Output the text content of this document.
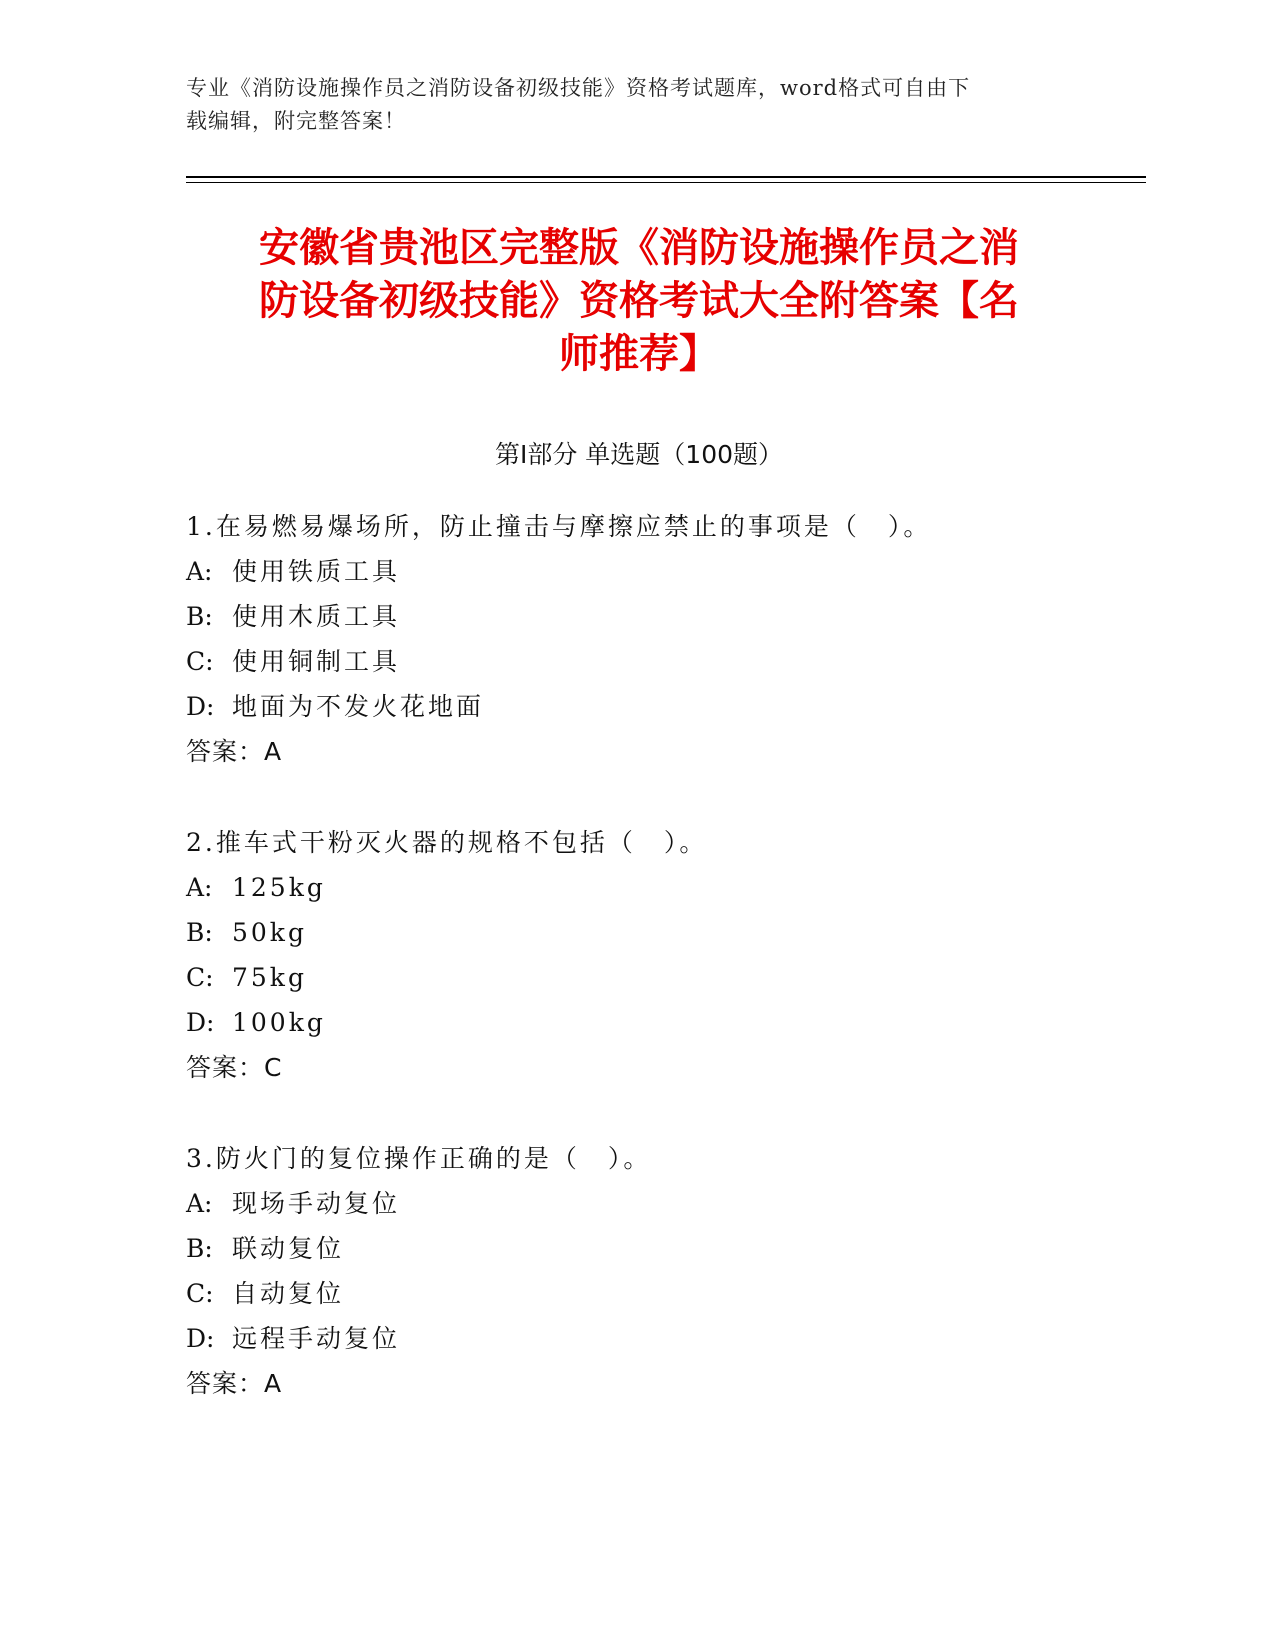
专业《消防设施操作员之消防设备初级技能》资格考试题库，word格式可自由下
载编辑，附完整答案！
安徽省贵池区完整版《消防设施操作员之消
防设备初级技能》资格考试大全附答案【名
师推荐】
第Ⅰ部分 单选题（100题）
1.在易燃易爆场所，防止撞击与摩擦应禁止的事项是（　）。
A: 使用铁质工具
B: 使用木质工具
C: 使用铜制工具
D: 地面为不发火花地面
答案：A
2.推车式干粉灭火器的规格不包括（　）。
A: 125kg
B: 50kg
C: 75kg
D: 100kg
答案：C
3.防火门的复位操作正确的是（　）。
A: 现场手动复位
B: 联动复位
C: 自动复位
D: 远程手动复位
答案：A
